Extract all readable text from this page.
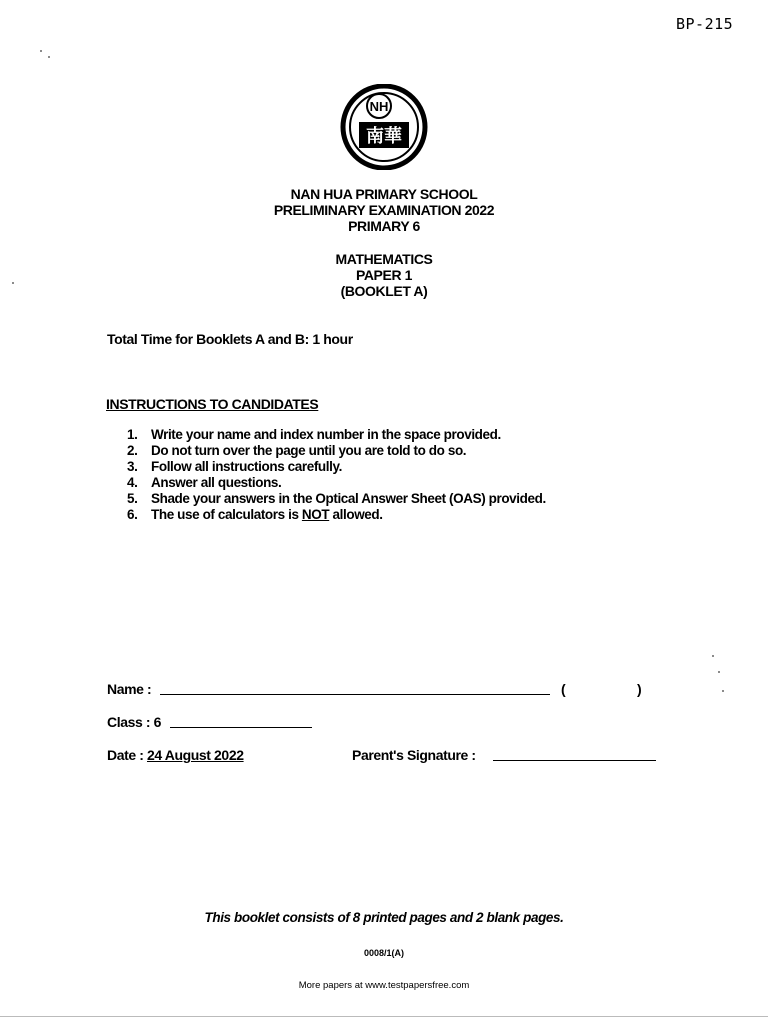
BP-215
NH
南華
NAN HUA PRIMARY SCHOOL
PRELIMINARY EXAMINATION 2022
PRIMARY 6
MATHEMATICS
PAPER 1
(BOOKLET A)
Total Time for Booklets A and B: 1 hour
INSTRUCTIONS TO CANDIDATES
1. Write your name and index number in the space provided.
2. Do not turn over the page until you are told to do so.
3. Follow all instructions carefully.
4. Answer all questions.
5. Shade your answers in the Optical Answer Sheet (OAS) provided.
6. The use of calculators is NOT allowed.
Name :	(	)
Class : 6
Date : 24 August 2022	Parent's Signature :
This booklet consists of 8 printed pages and 2 blank pages.
0008/1(A)
More papers at www.testpapersfree.com
